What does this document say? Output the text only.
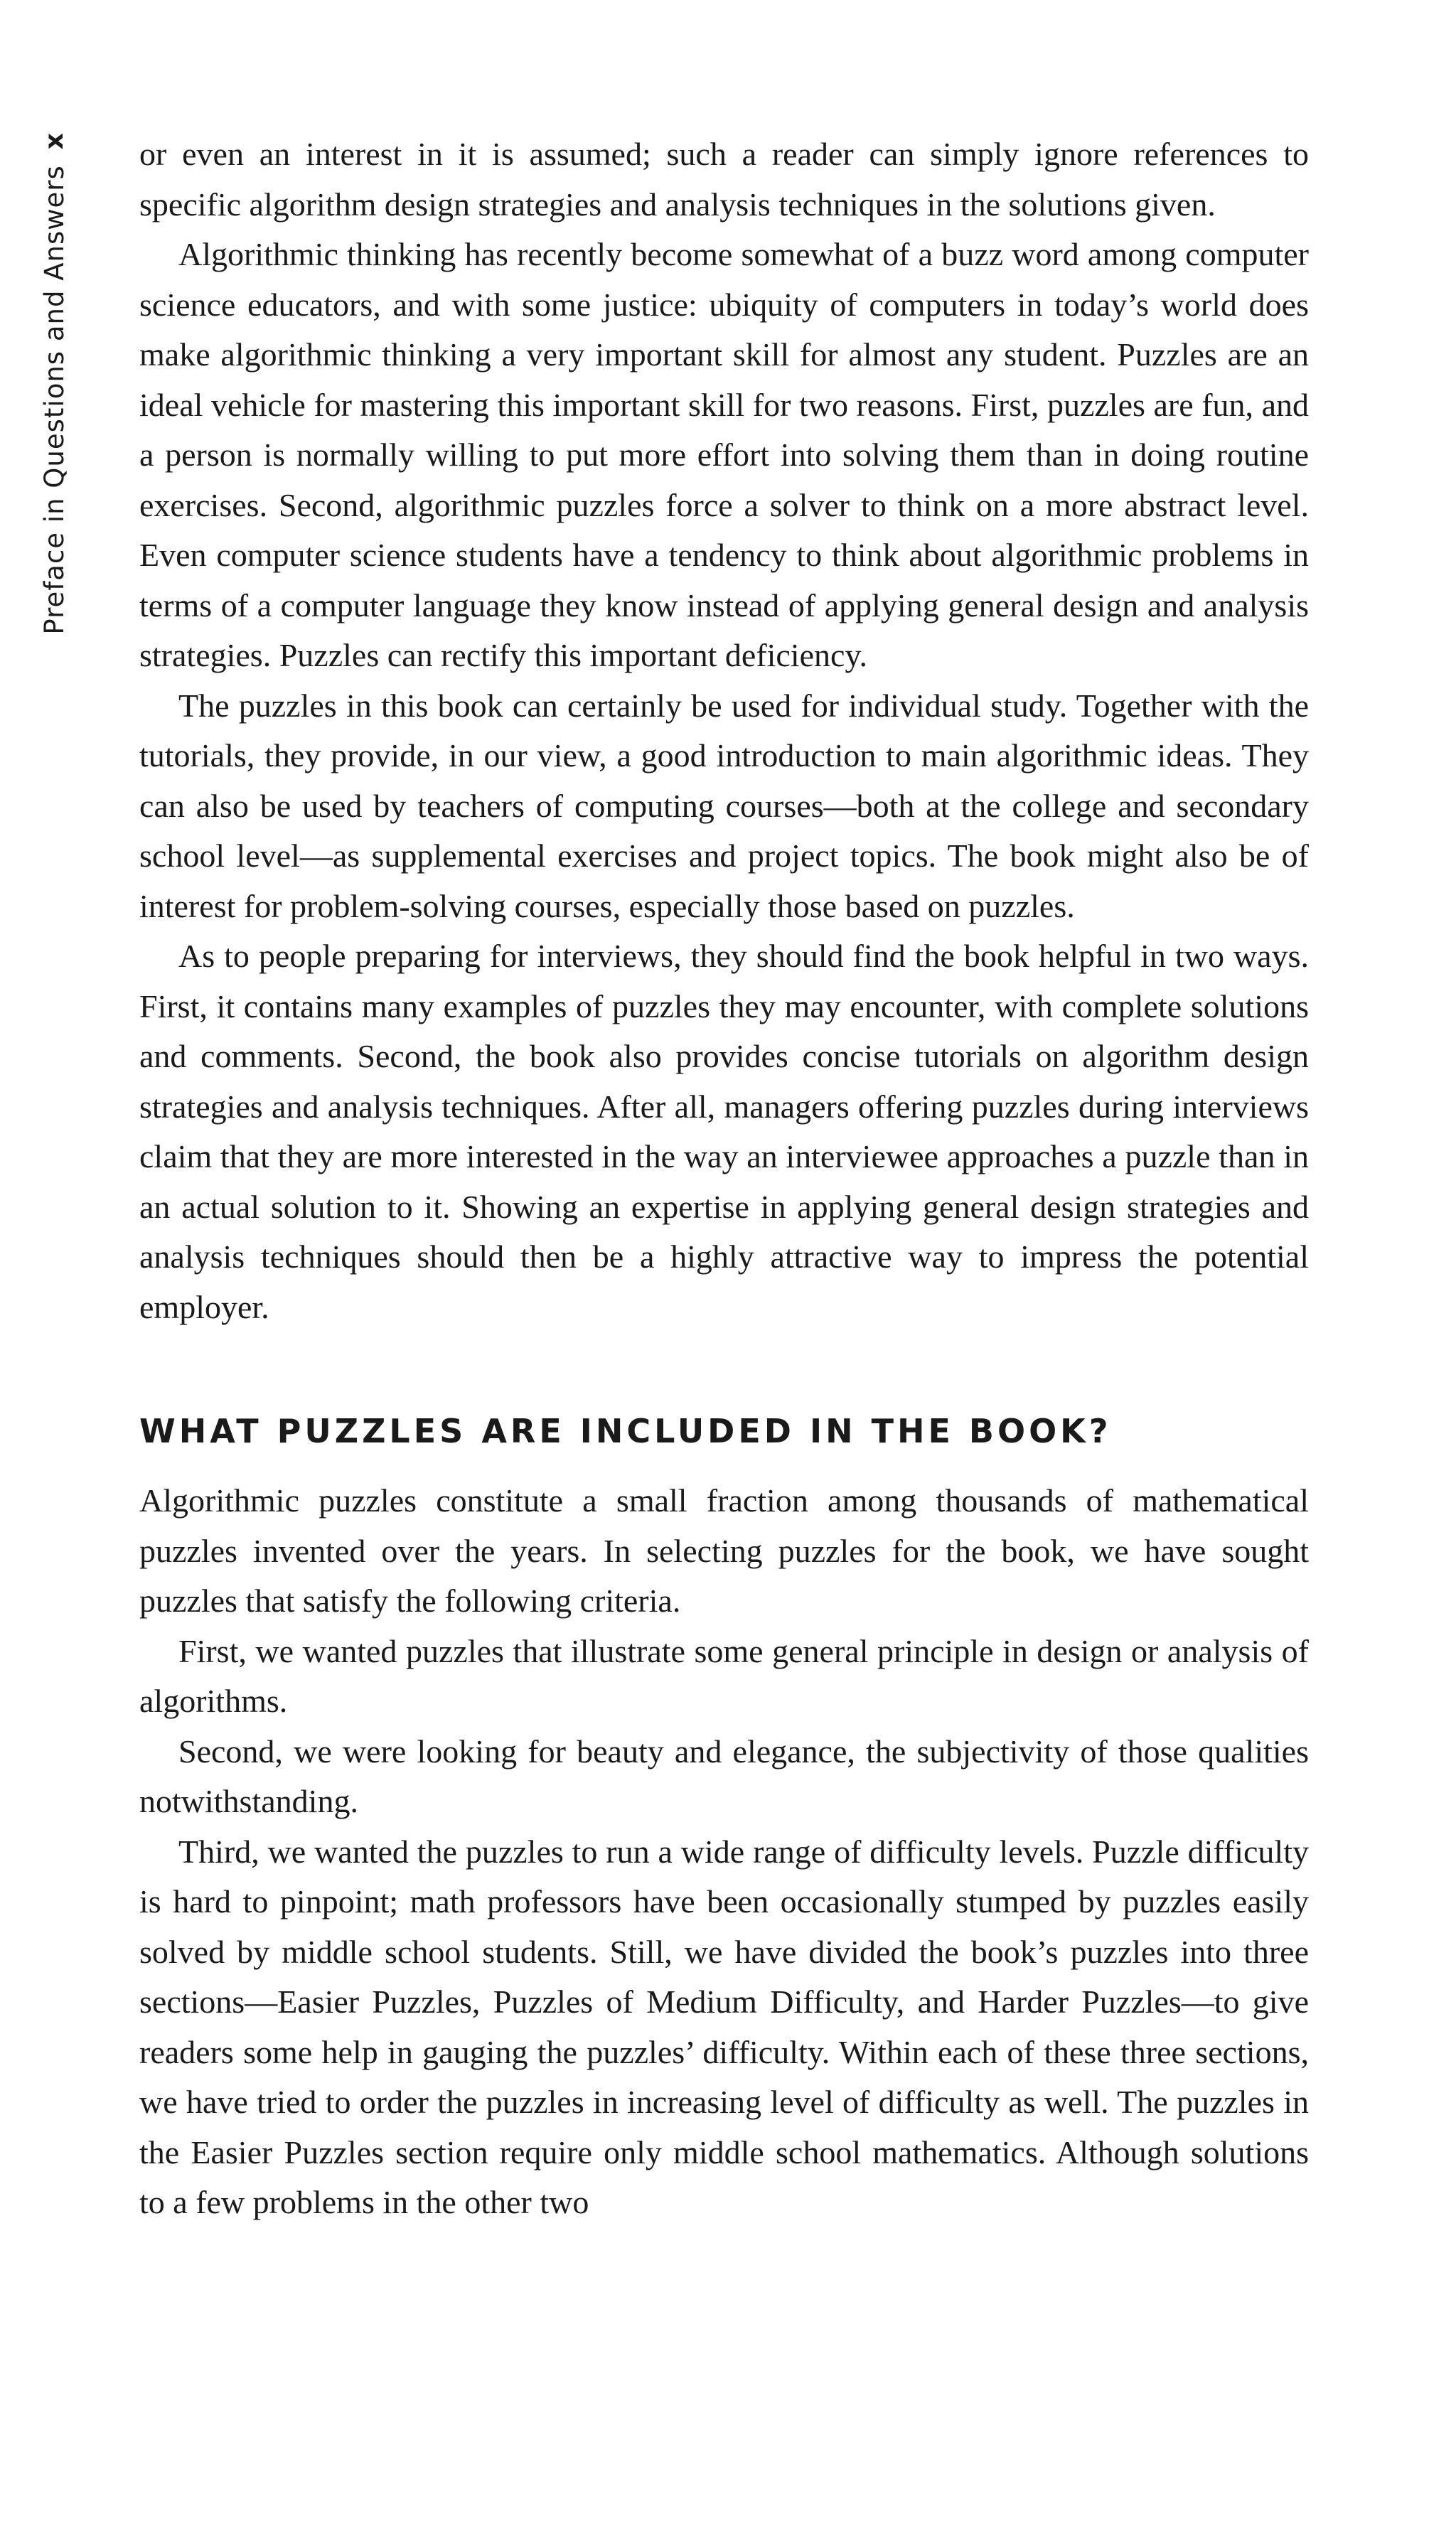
Preface in Questions and Answers
x or even an interest in it is assumed; such a reader can simply ignore references to specific algorithm design strategies and analysis techniques in the solutions given.

Algorithmic thinking has recently become somewhat of a buzz word among computer science educators, and with some justice: ubiquity of computers in today’s world does make algorithmic thinking a very important skill for almost any student. Puzzles are an ideal vehicle for mastering this important skill for two reasons. First, puzzles are fun, and a person is normally willing to put more effort into solving them than in doing routine exercises. Second, algorithmic puzzles force a solver to think on a more abstract level. Even computer science students have a tendency to think about algorithmic problems in terms of a computer language they know instead of applying general design and analysis strategies. Puzzles can rectify this important deficiency.

The puzzles in this book can certainly be used for individual study. Together with the tutorials, they provide, in our view, a good introduction to main algorithmic ideas. They can also be used by teachers of computing courses—both at the college and secondary school level—as supplemental exercises and project topics. The book might also be of interest for problem-solving courses, especially those based on puzzles.

As to people preparing for interviews, they should find the book helpful in two ways. First, it contains many examples of puzzles they may encounter, with complete solutions and comments. Second, the book also provides concise tutorials on algorithm design strategies and analysis techniques. After all, managers offering puzzles during interviews claim that they are more interested in the way an interviewee approaches a puzzle than in an actual solution to it. Showing an expertise in applying general design strategies and analysis techniques should then be a highly attractive way to impress the potential employer.

WHAT PUZZLES ARE INCLUDED IN THE BOOK?

Algorithmic puzzles constitute a small fraction among thousands of mathematical puzzles invented over the years. In selecting puzzles for the book, we have sought puzzles that satisfy the following criteria.

First, we wanted puzzles that illustrate some general principle in design or analysis of algorithms.

Second, we were looking for beauty and elegance, the subjectivity of those qualities notwithstanding.

Third, we wanted the puzzles to run a wide range of difficulty levels. Puzzle difficulty is hard to pinpoint; math professors have been occasionally stumped by puzzles easily solved by middle school students. Still, we have divided the book’s puzzles into three sections—Easier Puzzles, Puzzles of Medium Difficulty, and Harder Puzzles—to give readers some help in gauging the puzzles’ difficulty. Within each of these three sections, we have tried to order the puzzles in increasing level of difficulty as well. The puzzles in the Easier Puzzles section require only middle school mathematics. Although solutions to a few problems in the other two
